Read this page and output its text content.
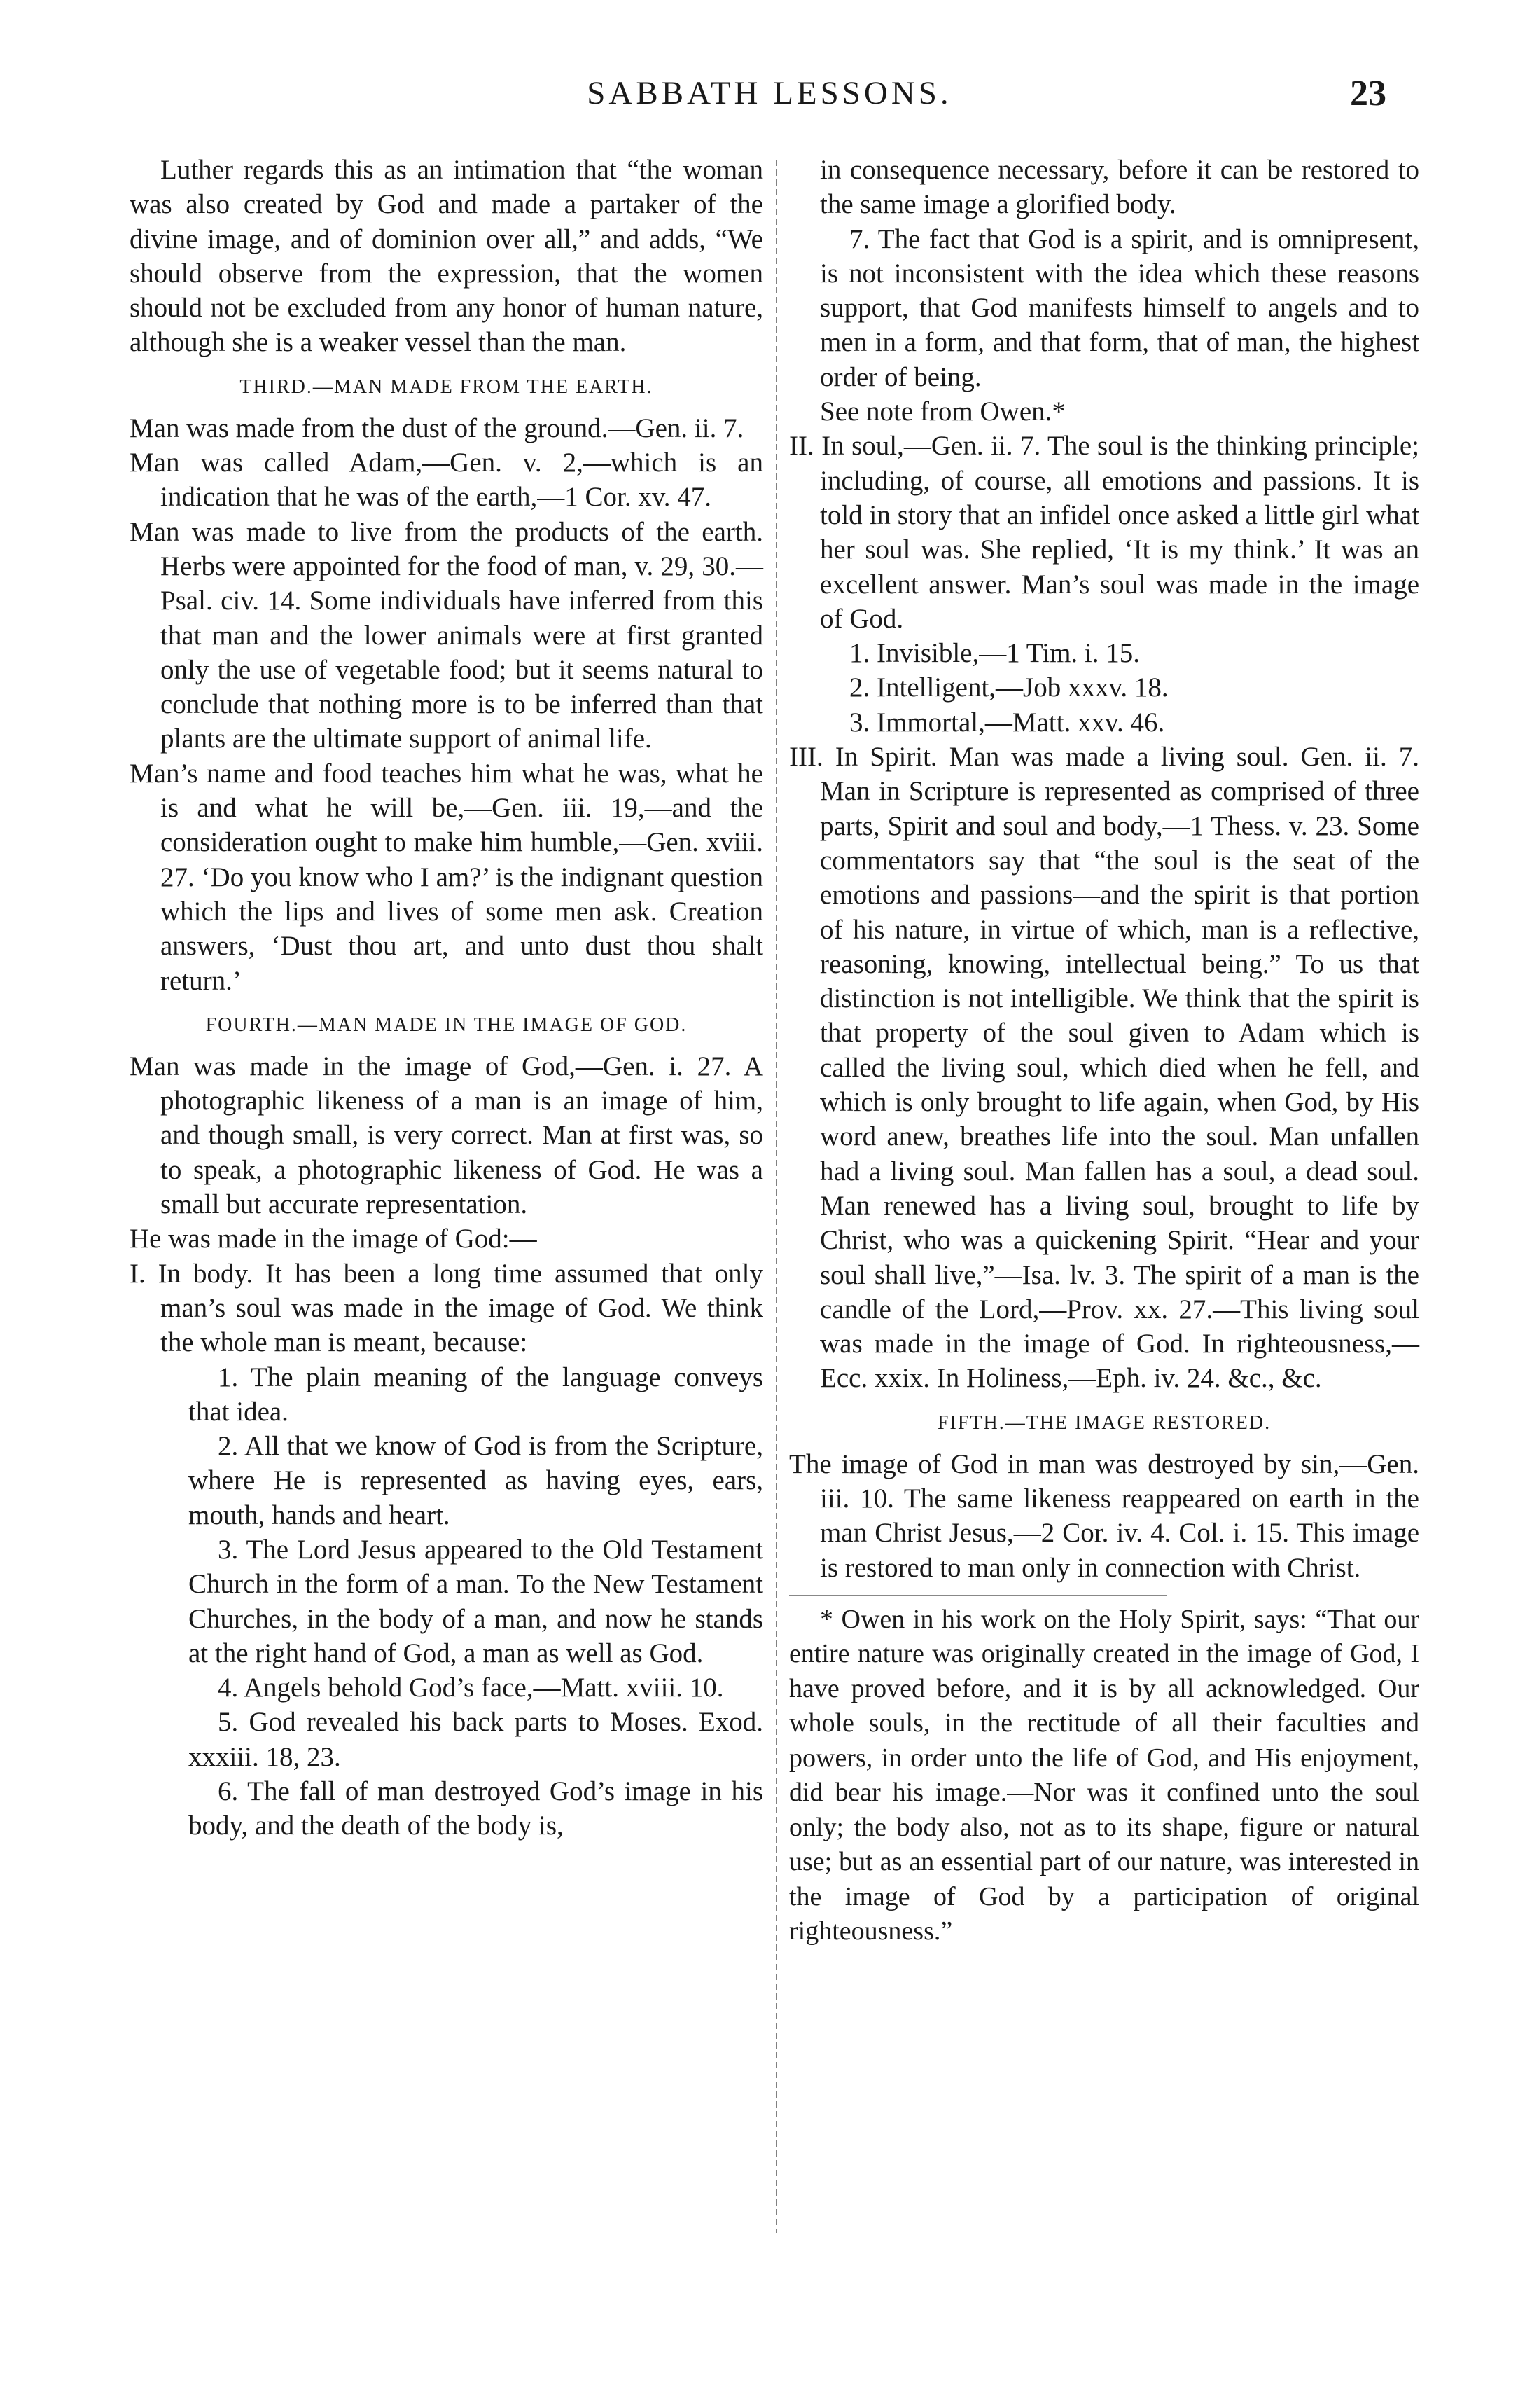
SABBATH LESSONS.	23

Luther regards this as an intimation that “the woman was also created by God and made a partaker of the divine image, and of dominion over all,” and adds, “We should observe from the expression, that the women should not be excluded from any honor of human nature, although she is a weaker vessel than the man.

THIRD.—MAN MADE FROM THE EARTH.

Man was made from the dust of the ground.—Gen. ii. 7.

Man was called Adam,—Gen. v. 2,—which is an indication that he was of the earth,—1 Cor. xv. 47.

Man was made to live from the products of the earth. Herbs were appointed for the food of man, v. 29, 30.—Psal. civ. 14. Some individuals have inferred from this that man and the lower animals were at first granted only the use of vegetable food; but it seems natural to conclude that nothing more is to be inferred than that plants are the ultimate support of animal life.

Man’s name and food teaches him what he was, what he is and what he will be,—Gen. iii. 19,—and the consideration ought to make him humble,—Gen. xviii. 27. ‘Do you know who I am?’ is the indignant question which the lips and lives of some men ask. Creation answers, ‘Dust thou art, and unto dust thou shalt return.’

FOURTH.—MAN MADE IN THE IMAGE OF GOD.

Man was made in the image of God,—Gen. i. 27. A photographic likeness of a man is an image of him, and though small, is very correct. Man at first was, so to speak, a photographic likeness of God. He was a small but accurate representation.

He was made in the image of God:—

I. In body. It has been a long time assumed that only man’s soul was made in the image of God. We think the whole man is meant, because:

1. The plain meaning of the language conveys that idea.

2. All that we know of God is from the Scripture, where He is represented as having eyes, ears, mouth, hands and heart.

3. The Lord Jesus appeared to the Old Testament Church in the form of a man. To the New Testament Churches, in the body of a man, and now he stands at the right hand of God, a man as well as God.

4. Angels behold God’s face,—Matt. xviii. 10.

5. God revealed his back parts to Moses. Exod. xxxiii. 18, 23.

6. The fall of man destroyed God’s image in his body, and the death of the body is,

in consequence necessary, before it can be restored to the same image a glorified body.

7. The fact that God is a spirit, and is omnipresent, is not inconsistent with the idea which these reasons support, that God manifests himself to angels and to men in a form, and that form, that of man, the highest order of being.

See note from Owen.*

II. In soul,—Gen. ii. 7. The soul is the thinking principle; including, of course, all emotions and passions. It is told in story that an infidel once asked a little girl what her soul was. She replied, ‘It is my think.’ It was an excellent answer. Man’s soul was made in the image of God.

1. Invisible,—1 Tim. i. 15.

2. Intelligent,—Job xxxv. 18.

3. Immortal,—Matt. xxv. 46.

III. In Spirit. Man was made a living soul. Gen. ii. 7. Man in Scripture is represented as comprised of three parts, Spirit and soul and body,—1 Thess. v. 23. Some commentators say that “the soul is the seat of the emotions and passions—and the spirit is that portion of his nature, in virtue of which, man is a reflective, reasoning, knowing, intellectual being.” To us that distinction is not intelligible. We think that the spirit is that property of the soul given to Adam which is called the living soul, which died when he fell, and which is only brought to life again, when God, by His word anew, breathes life into the soul. Man unfallen had a living soul. Man fallen has a soul, a dead soul. Man renewed has a living soul, brought to life by Christ, who was a quickening Spirit. “Hear and your soul shall live,”—Isa. lv. 3. The spirit of a man is the candle of the Lord,—Prov. xx. 27.—This living soul was made in the image of God. In righteousness,—Ecc. xxix. In Holiness,—Eph. iv. 24. &c., &c.

FIFTH.—THE IMAGE RESTORED.

The image of God in man was destroyed by sin,—Gen. iii. 10. The same likeness reappeared on earth in the man Christ Jesus,—2 Cor. iv. 4. Col. i. 15. This image is restored to man only in connection with Christ.

* Owen in his work on the Holy Spirit, says: “That our entire nature was originally created in the image of God, I have proved before, and it is by all acknowledged. Our whole souls, in the rectitude of all their faculties and powers, in order unto the life of God, and His enjoyment, did bear his image.—Nor was it confined unto the soul only; the body also, not as to its shape, figure or natural use; but as an essential part of our nature, was interested in the image of God by a participation of original righteousness.”
